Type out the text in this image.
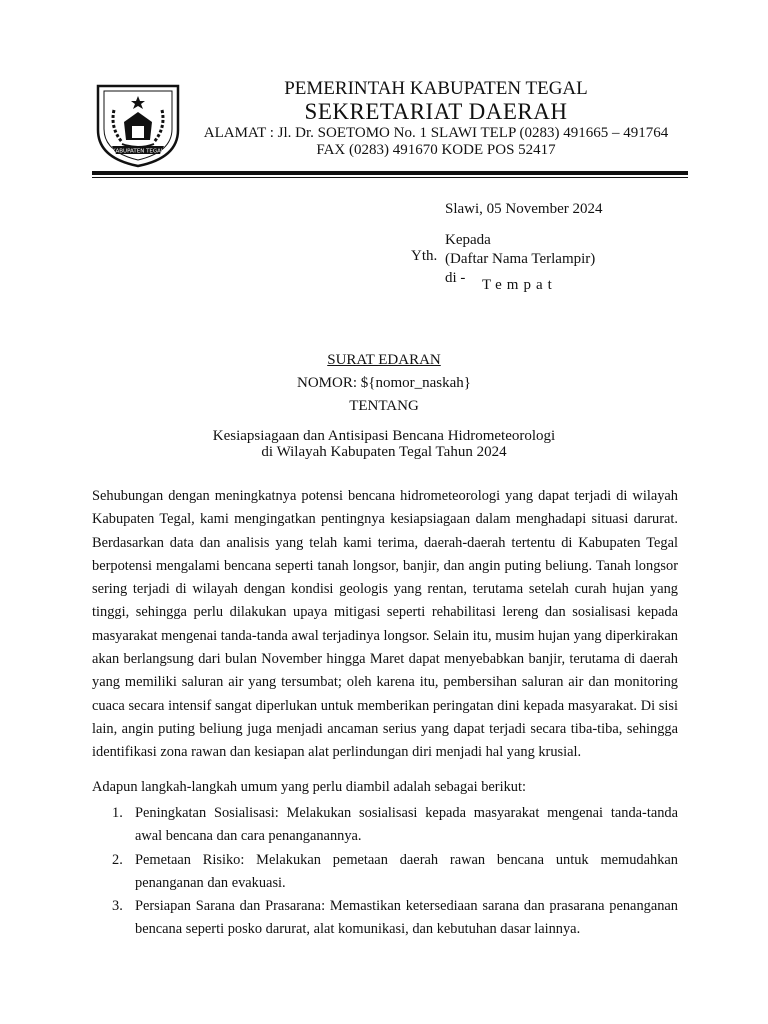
KABUPATEN TEGAL
PEMERINTAH KABUPATEN TEGAL
SEKRETARIAT DAERAH
ALAMAT : Jl. Dr. SOETOMO No. 1 SLAWI TELP (0283) 491665 – 491764
FAX (0283) 491670 KODE POS 52417
Slawi, 05 November 2024
Yth.
Kepada
(Daftar Nama Terlampir)
di -	Tempat
SURAT EDARAN
NOMOR: ${nomor_naskah}
TENTANG
Kesiapsiagaan dan Antisipasi Bencana Hidrometeorologi
di Wilayah Kabupaten Tegal Tahun 2024

Sehubungan dengan meningkatnya potensi bencana hidrometeorologi yang dapat terjadi di wilayah Kabupaten Tegal, kami mengingatkan pentingnya kesiapsiagaan dalam menghadapi situasi darurat. Berdasarkan data dan analisis yang telah kami terima, daerah-daerah tertentu di Kabupaten Tegal berpotensi mengalami bencana seperti tanah longsor, banjir, dan angin puting beliung. Tanah longsor sering terjadi di wilayah dengan kondisi geologis yang rentan, terutama setelah curah hujan yang tinggi, sehingga perlu dilakukan upaya mitigasi seperti rehabilitasi lereng dan sosialisasi kepada masyarakat mengenai tanda-tanda awal terjadinya longsor. Selain itu, musim hujan yang diperkirakan akan berlangsung dari bulan November hingga Maret dapat menyebabkan banjir, terutama di daerah yang memiliki saluran air yang tersumbat; oleh karena itu, pembersihan saluran air dan monitoring cuaca secara intensif sangat diperlukan untuk memberikan peringatan dini kepada masyarakat. Di sisi lain, angin puting beliung juga menjadi ancaman serius yang dapat terjadi secara tiba-tiba, sehingga identifikasi zona rawan dan kesiapan alat perlindungan diri menjadi hal yang krusial.

Adapun langkah-langkah umum yang perlu diambil adalah sebagai berikut:

1. Peningkatan Sosialisasi: Melakukan sosialisasi kepada masyarakat mengenai tanda-tanda awal bencana dan cara penanganannya.
2. Pemetaan Risiko: Melakukan pemetaan daerah rawan bencana untuk memudahkan penanganan dan evakuasi.
3. Persiapan Sarana dan Prasarana: Memastikan ketersediaan sarana dan prasarana penanganan bencana seperti posko darurat, alat komunikasi, dan kebutuhan dasar lainnya.
